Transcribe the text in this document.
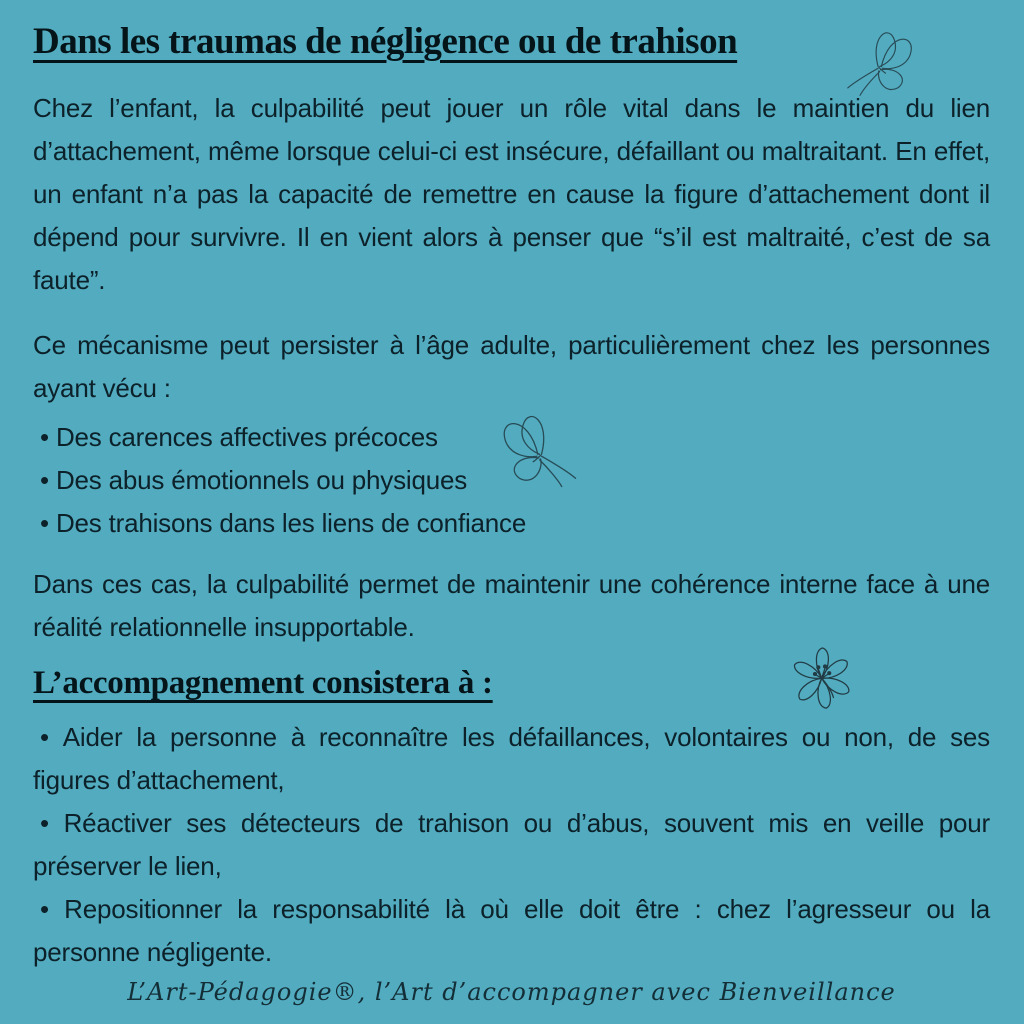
Dans les traumas de négligence ou de trahison

Chez l’enfant, la culpabilité peut jouer un rôle vital dans le maintien du lien d’attachement, même lorsque celui-ci est insécure, défaillant ou maltraitant. En effet, un enfant n’a pas la capacité de remettre en cause la figure d’attachement dont il dépend pour survivre. Il en vient alors à penser que “s’il est maltraité, c’est de sa faute”.

Ce mécanisme peut persister à l’âge adulte, particulièrement chez les personnes ayant vécu :

• Des carences affectives précoces
• Des abus émotionnels ou physiques
• Des trahisons dans les liens de confiance

Dans ces cas, la culpabilité permet de maintenir une cohérence interne face à une réalité relationnelle insupportable.

L’accompagnement consistera à :
• Aider la personne à reconnaître les défaillances, volontaires ou non, de ses figures d’attachement,
• Réactiver ses détecteurs de trahison ou d’abus, souvent mis en veille pour préserver le lien,
• Repositionner la responsabilité là où elle doit être : chez l’agresseur ou la personne négligente.
L’Art-Pédagogie®, l’Art d’accompagner avec Bienveillance
